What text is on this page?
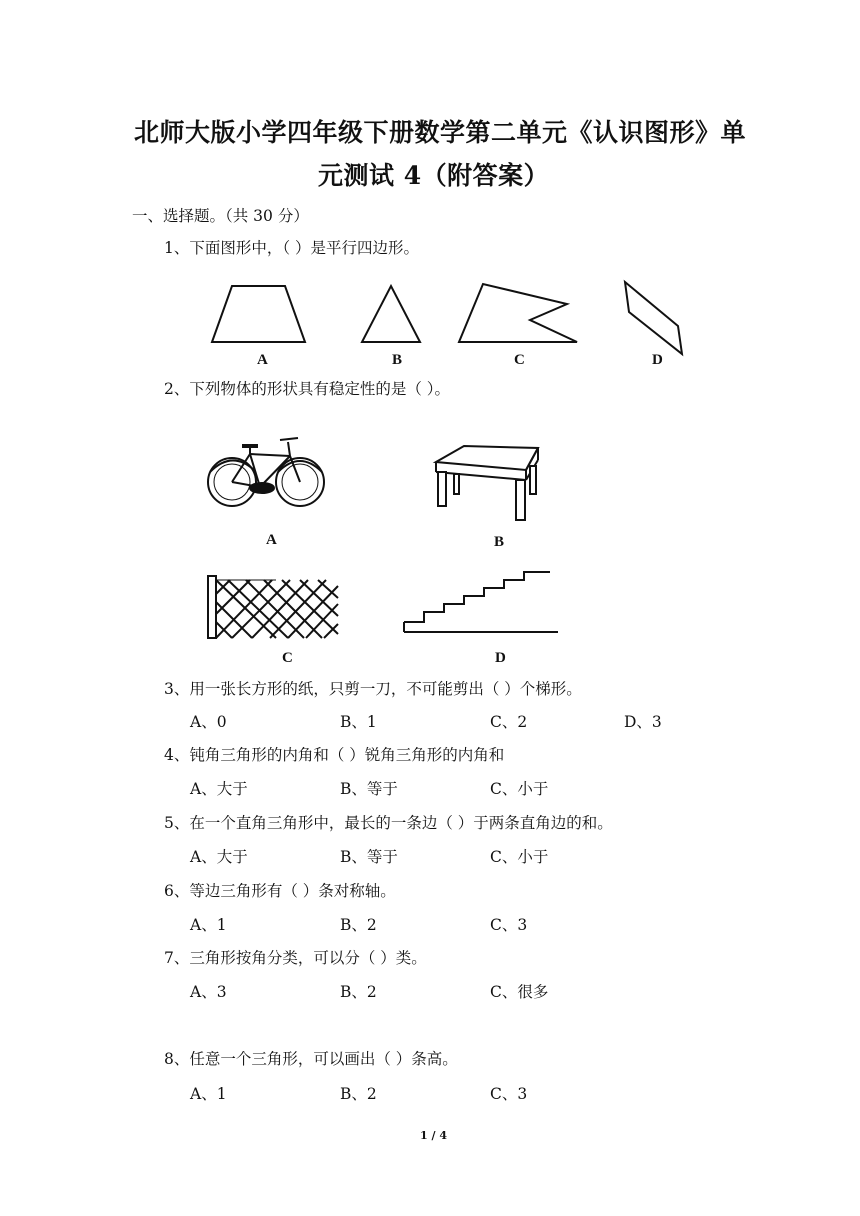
北师大版小学四年级下册数学第二单元《认识图形》单
元测试 4（附答案）
一、选择题。（共 30 分）
1、下面图形中，（ ）是平行四边形。
A	B	C	D
2、下列物体的形状具有稳定性的是（ ）。
A	B
C	D
3、用一张长方形的纸，只剪一刀，不可能剪出（ ）个梯形。
A、0	B、1	C、2	D、3
4、钝角三角形的内角和（ ）锐角三角形的内角和
A、大于	B、等于	C、小于
5、在一个直角三角形中，最长的一条边（ ）于两条直角边的和。
A、大于	B、等于	C、小于
6、等边三角形有（ ）条对称轴。
A、1	B、2	C、3
7、三角形按角分类，可以分（ ）类。
A、3	B、2	C、很多
8、任意一个三角形，可以画出（ ）条高。
A、1	B、2	C、3
1 / 4
